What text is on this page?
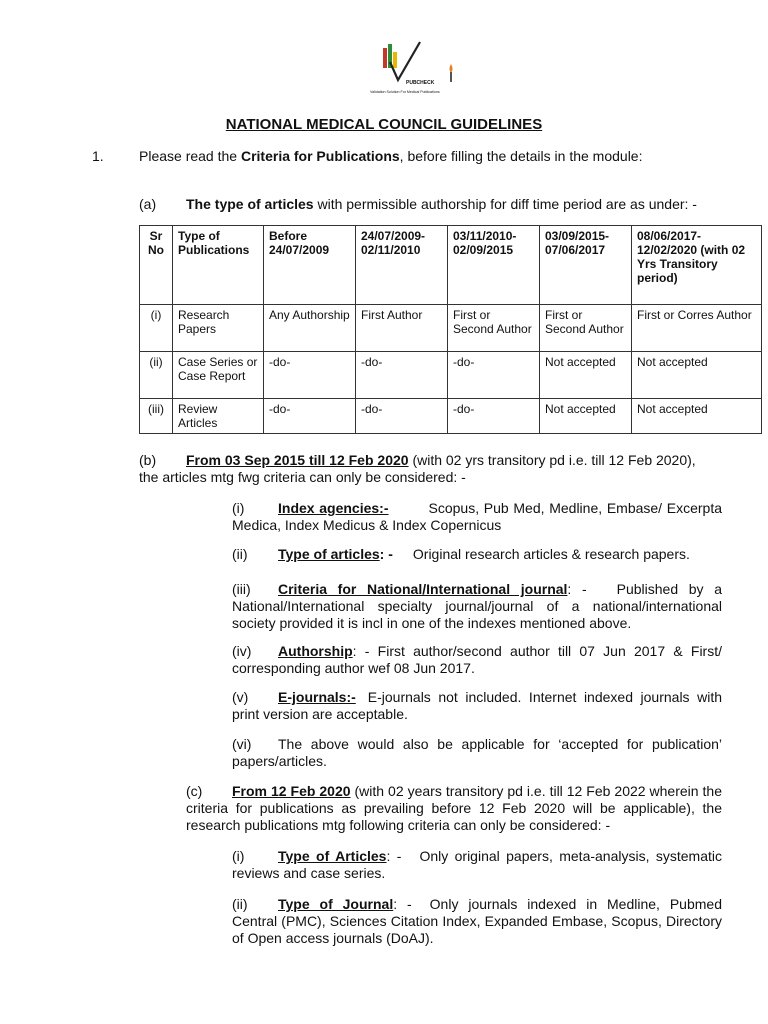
PUBCHECK
Validation Solution For Medical Publications
NATIONAL MEDICAL COUNCIL GUIDELINES
1.	Please read the Criteria for Publications, before filling the details in the module:
(a) The type of articles with permissible authorship for diff time period are as under: -
Sr No	Type of Publications	Before 24/07/2009	24/07/2009-02/11/2010	03/11/2010-02/09/2015	03/09/2015-07/06/2017	08/06/2017-12/02/2020 (with 02 Yrs Transitory period)
(i)	Research Papers	Any Authorship	First Author	First or Second Author	First or Second Author	First or Corres Author
(ii)	Case Series or Case Report	-do-	-do-	-do-	Not accepted	Not accepted
(iii)	Review Articles	-do-	-do-	-do-	Not accepted	Not accepted
(b) From 03 Sep 2015 till 12 Feb 2020 (with 02 yrs transitory pd i.e. till 12 Feb 2020),
the articles mtg fwg criteria can only be considered: -
(i) Index agencies:-	Scopus, Pub Med, Medline, Embase/ Excerpta Medica, Index Medicus & Index Copernicus
(ii) Type of articles: - Original research articles & research papers.
(iii) Criteria for National/International journal: - Published by a National/International specialty journal/journal of a national/international society provided it is incl in one of the indexes mentioned above.
(iv) Authorship: - First author/second author till 07 Jun 2017 & First/ corresponding author wef 08 Jun 2017.
(v) E-journals:- E-journals not included. Internet indexed journals with print version are acceptable.
(vi) The above would also be applicable for ‘accepted for publication’ papers/articles.
(c) From 12 Feb 2020 (with 02 years transitory pd i.e. till 12 Feb 2022 wherein the criteria for publications as prevailing before 12 Feb 2020 will be applicable), the research publications mtg following criteria can only be considered: -
(i) Type of Articles: - Only original papers, meta-analysis, systematic reviews and case series.
(ii) Type of Journal: - Only journals indexed in Medline, Pubmed Central (PMC), Sciences Citation Index, Expanded Embase, Scopus, Directory of Open access journals (DoAJ).
